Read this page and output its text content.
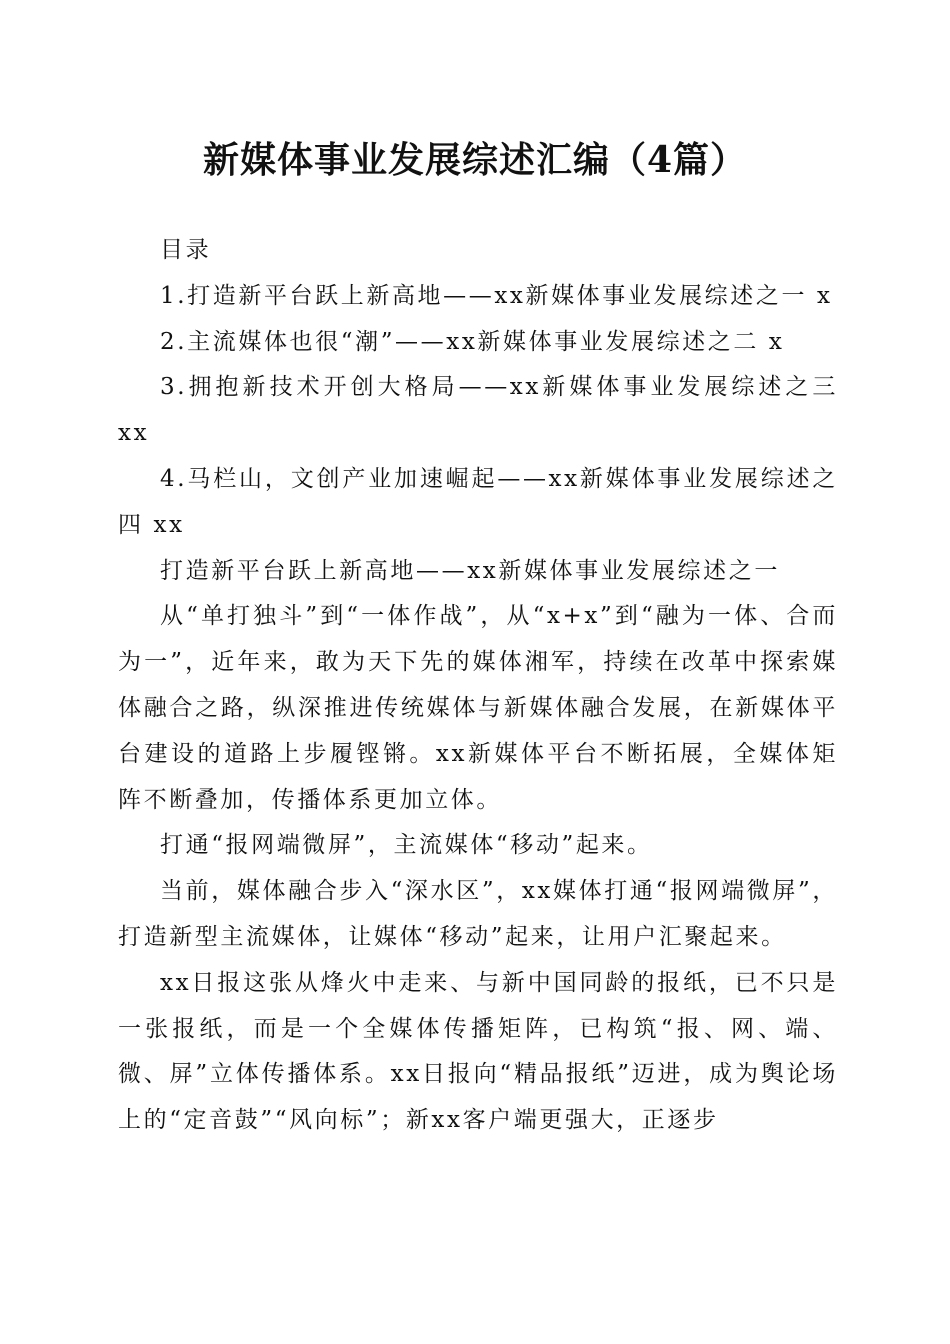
新媒体事业发展综述汇编（4篇）

目录

1.打造新平台跃上新高地——xx新媒体事业发展综述之一 x

2.主流媒体也很“潮”——xx新媒体事业发展综述之二 x

3.拥抱新技术开创大格局——xx新媒体事业发展综述之三 xx

4.马栏山，文创产业加速崛起——xx新媒体事业发展综述之四 xx

打造新平台跃上新高地——xx新媒体事业发展综述之一

从“单打独斗”到“一体作战”，从“x+x”到“融为一体、合而为一”，近年来，敢为天下先的媒体湘军，持续在改革中探索媒体融合之路，纵深推进传统媒体与新媒体融合发展，在新媒体平台建设的道路上步履铿锵。xx新媒体平台不断拓展，全媒体矩阵不断叠加，传播体系更加立体。

打通“报网端微屏”，主流媒体“移动”起来。

当前，媒体融合步入“深水区”，xx媒体打通“报网端微屏”，打造新型主流媒体，让媒体“移动”起来，让用户汇聚起来。

xx日报这张从烽火中走来、与新中国同龄的报纸，已不只是一张报纸，而是一个全媒体传播矩阵，已构筑“报、网、端、微、屏”立体传播体系。xx日报向“精品报纸”迈进，成为舆论场上的“定音鼓”“风向标”；新xx客户端更强大，正逐步
